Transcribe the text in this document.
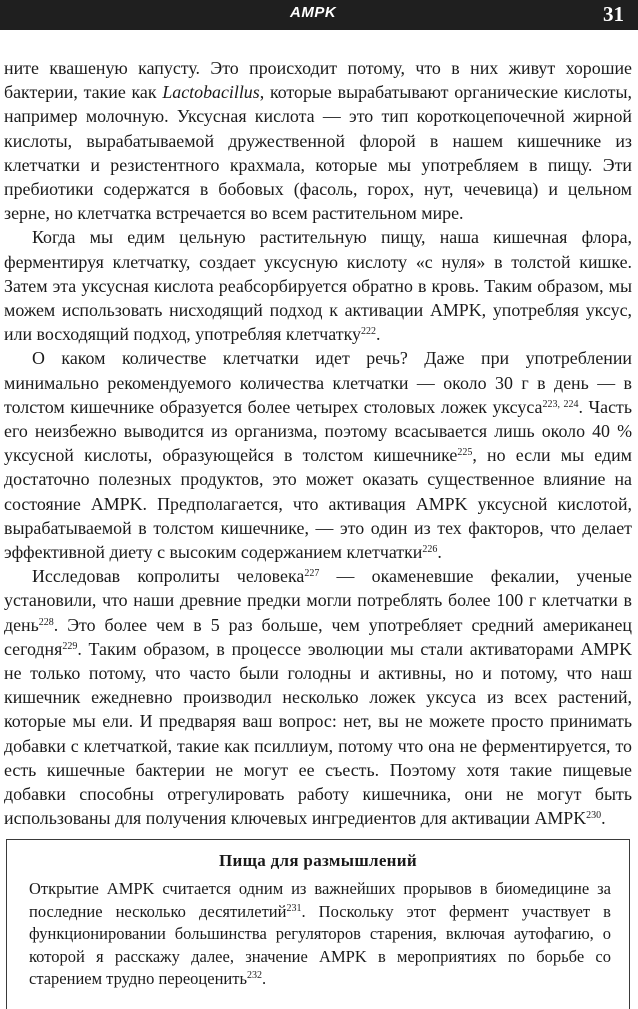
AMPK	31

ните квашеную капусту. Это происходит потому, что в них живут хорошие бактерии, такие как Lactobacillus, которые вырабатывают органические кислоты, например молочную. Уксусная кислота — это тип короткоцепочечной жирной кислоты, вырабатываемой дружественной флорой в нашем кишечнике из клетчатки и резистентного крахмала, которые мы употребляем в пищу. Эти пребиотики содержатся в бобовых (фасоль, горох, нут, чечевица) и цельном зерне, но клетчатка встречается во всем растительном мире.

Когда мы едим цельную растительную пищу, наша кишечная флора, ферментируя клетчатку, создает уксусную кислоту «с нуля» в толстой кишке. Затем эта уксусная кислота реабсорбируется обратно в кровь. Таким образом, мы можем использовать нисходящий подход к активации AMPK, употребляя уксус, или восходящий подход, употребляя клетчатку$^{222}$.

О каком количестве клетчатки идет речь? Даже при употреблении минимально рекомендуемого количества клетчатки — около 30 г в день — в толстом кишечнике образуется более четырех столовых ложек уксуса$^{223, 224}$. Часть его неизбежно выводится из организма, поэтому всасывается лишь около 40 % уксусной кислоты, образующейся в толстом кишечнике$^{225}$, но если мы едим достаточно полезных продуктов, это может оказать существенное влияние на состояние AMPK. Предполагается, что активация AMPK уксусной кислотой, вырабатываемой в толстом кишечнике, — это один из тех факторов, что делает эффективной диету с высоким содержанием клетчатки$^{226}$.

Исследовав копролиты человека$^{227}$ — окаменевшие фекалии, ученые установили, что наши древние предки могли потреблять более 100 г клетчатки в день$^{228}$. Это более чем в 5 раз больше, чем употребляет средний американец сегодня$^{229}$. Таким образом, в процессе эволюции мы стали активаторами AMPK не только потому, что часто были голодны и активны, но и потому, что наш кишечник ежедневно производил несколько ложек уксуса из всех растений, которые мы ели. И предваряя ваш вопрос: нет, вы не можете просто принимать добавки с клетчаткой, такие как псиллиум, потому что она не ферментируется, то есть кишечные бактерии не могут ее съесть. Поэтому хотя такие пищевые добавки способны отрегулировать работу кишечника, они не могут быть использованы для получения ключевых ингредиентов для активации AMPK$^{230}$.

Пища для размышлений

Открытие AMPK считается одним из важнейших прорывов в биомедицине за последние несколько десятилетий$^{231}$. Поскольку этот фермент участвует в функционировании большинства регуляторов старения, включая аутофагию, о которой я расскажу далее, значение AMPK в мероприятиях по борьбе со старением трудно переоценить$^{232}$.
